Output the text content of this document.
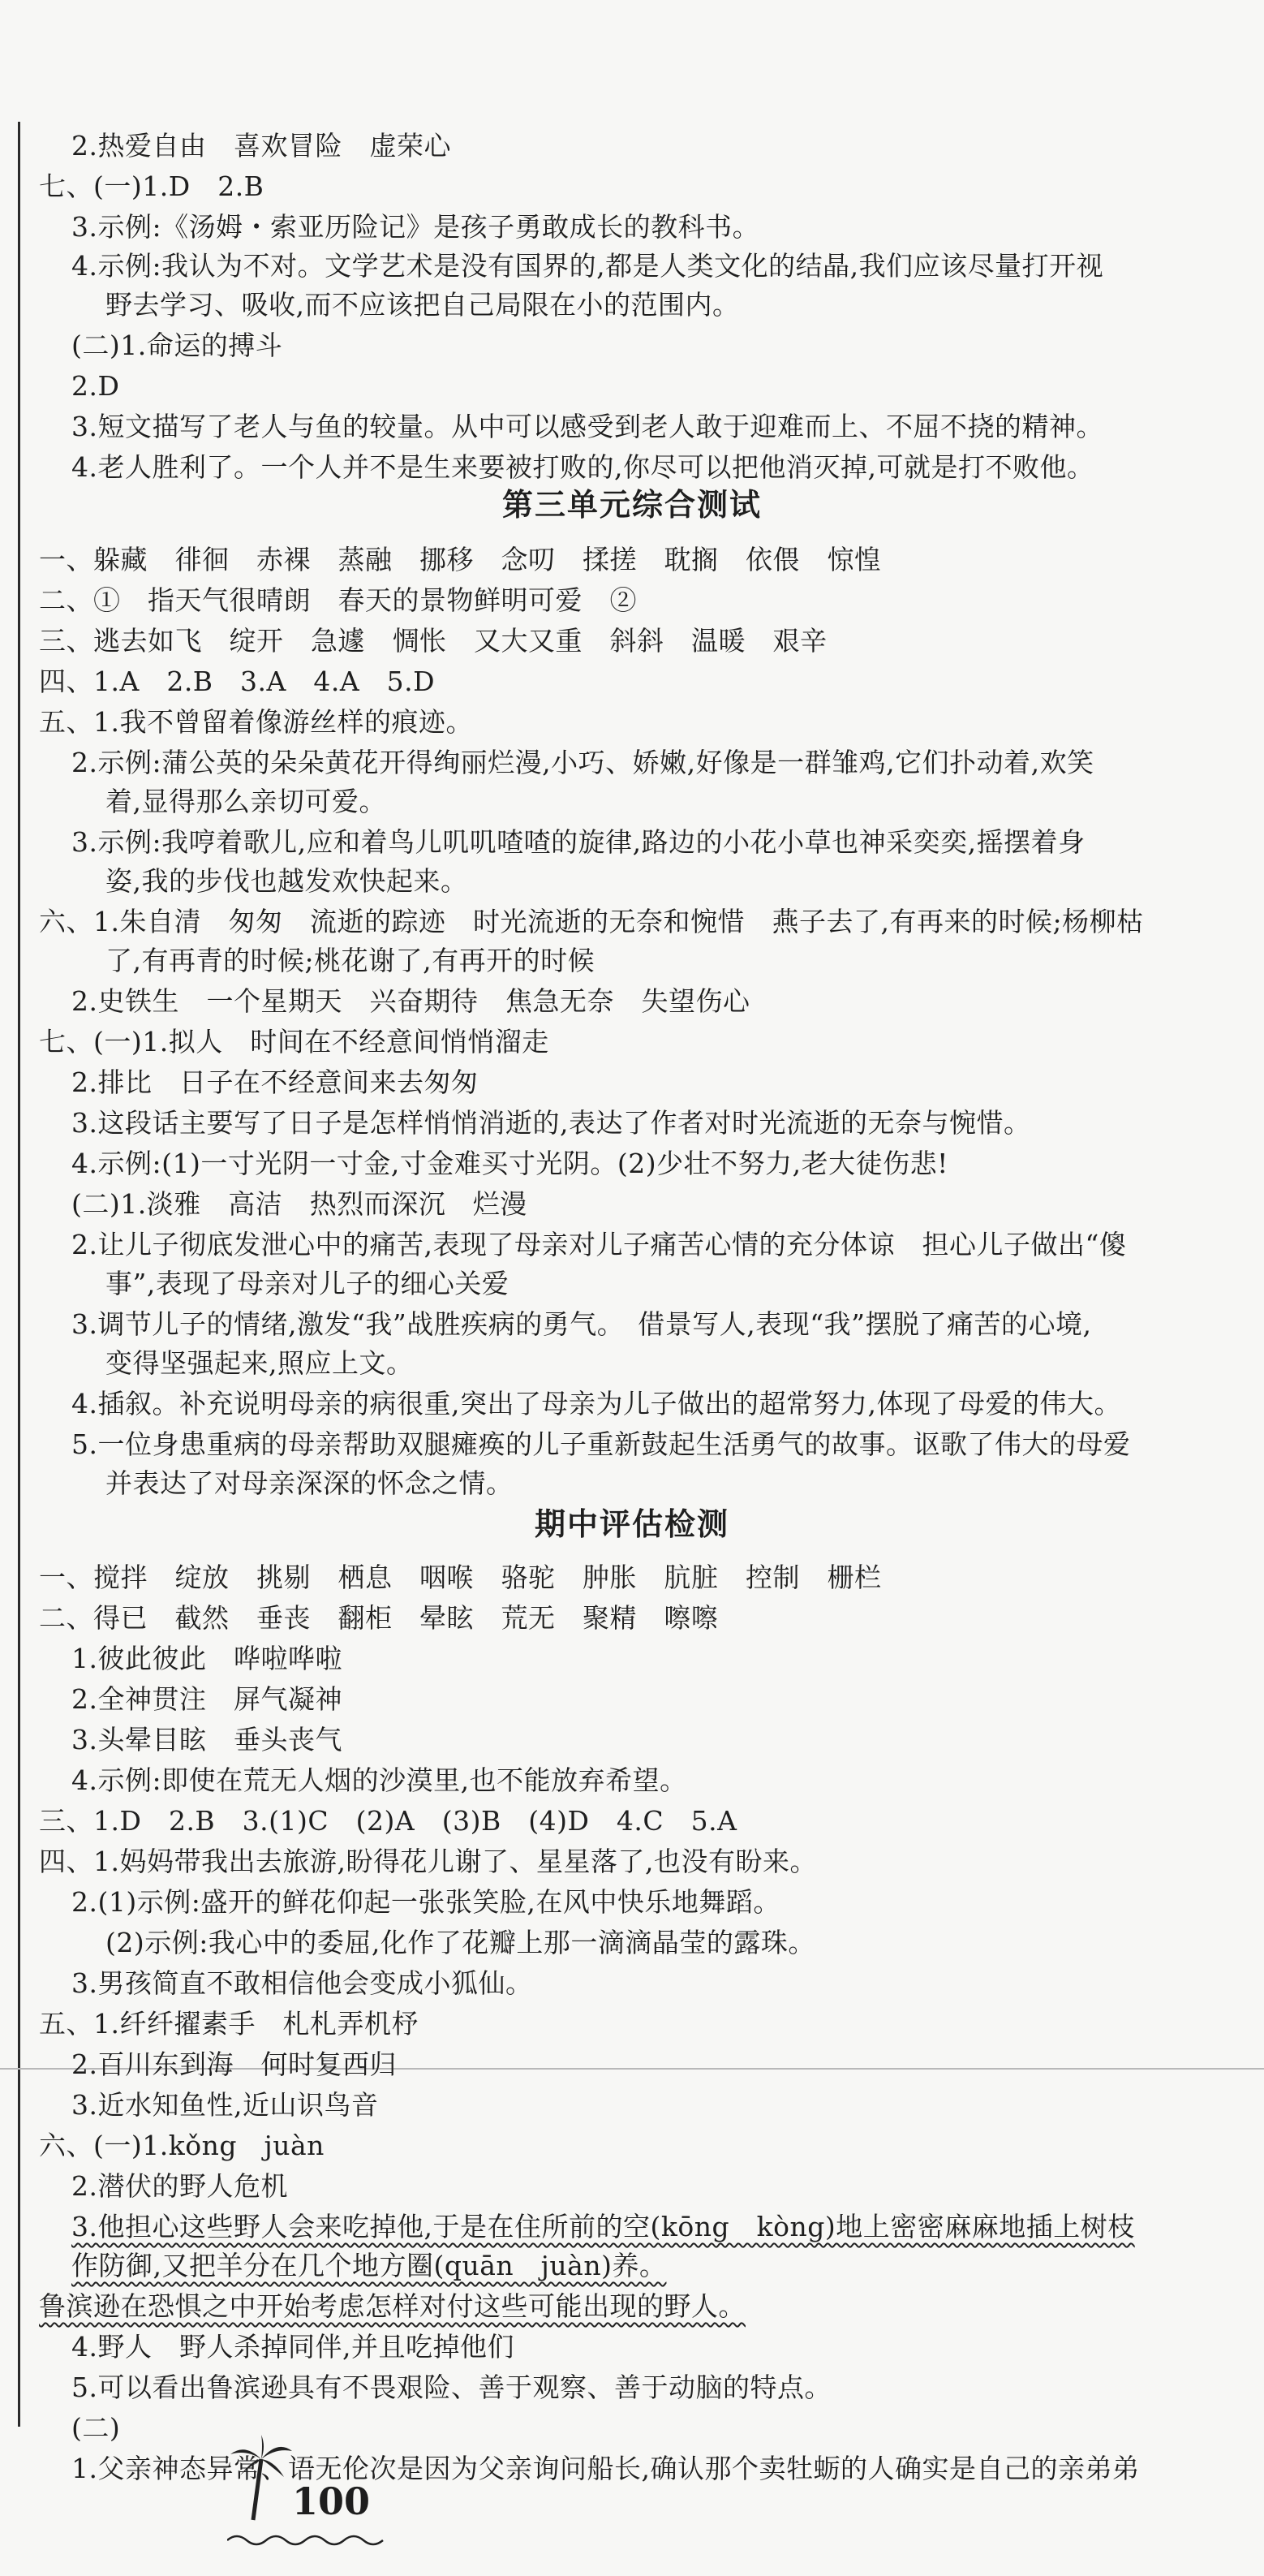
2.热爱自由　喜欢冒险　虚荣心
七、(一)1.D　2.B
3.示例:《汤姆・索亚历险记》是孩子勇敢成长的教科书。
4.示例:我认为不对。文学艺术是没有国界的,都是人类文化的结晶,我们应该尽量打开视
野去学习、吸收,而不应该把自己局限在小的范围内。
(二)1.命运的搏斗
2.D
3.短文描写了老人与鱼的较量。从中可以感受到老人敢于迎难而上、不屈不挠的精神。
4.老人胜利了。一个人并不是生来要被打败的,你尽可以把他消灭掉,可就是打不败他。
一、躲藏　徘徊　赤裸　蒸融　挪移　念叨　揉搓　耽搁　依偎　惊惶
二、①　指天气很晴朗　春天的景物鲜明可爱　②
三、逃去如飞　绽开　急遽　惆怅　又大又重　斜斜　温暖　艰辛
四、1.A　2.B　3.A　4.A　5.D
五、1.我不曾留着像游丝样的痕迹。
2.示例:蒲公英的朵朵黄花开得绚丽烂漫,小巧、娇嫩,好像是一群雏鸡,它们扑动着,欢笑
着,显得那么亲切可爱。
3.示例:我哼着歌儿,应和着鸟儿叽叽喳喳的旋律,路边的小花小草也神采奕奕,摇摆着身
姿,我的步伐也越发欢快起来。
六、1.朱自清　匆匆　流逝的踪迹　时光流逝的无奈和惋惜　燕子去了,有再来的时候;杨柳枯
了,有再青的时候;桃花谢了,有再开的时候
2.史铁生　一个星期天　兴奋期待　焦急无奈　失望伤心
七、(一)1.拟人　时间在不经意间悄悄溜走
2.排比　日子在不经意间来去匆匆
3.这段话主要写了日子是怎样悄悄消逝的,表达了作者对时光流逝的无奈与惋惜。
4.示例:(1)一寸光阴一寸金,寸金难买寸光阴。(2)少壮不努力,老大徒伤悲!
(二)1.淡雅　高洁　热烈而深沉　烂漫
2.让儿子彻底发泄心中的痛苦,表现了母亲对儿子痛苦心情的充分体谅　担心儿子做出“傻
事”,表现了母亲对儿子的细心关爱
3.调节儿子的情绪,激发“我”战胜疾病的勇气。　借景写人,表现“我”摆脱了痛苦的心境,
变得坚强起来,照应上文。
4.插叙。补充说明母亲的病很重,突出了母亲为儿子做出的超常努力,体现了母爱的伟大。
5.一位身患重病的母亲帮助双腿瘫痪的儿子重新鼓起生活勇气的故事。讴歌了伟大的母爱
并表达了对母亲深深的怀念之情。
一、搅拌　绽放　挑剔　栖息　咽喉　骆驼　肿胀　肮脏　控制　栅栏
二、得已　截然　垂丧　翻柜　晕眩　荒无　聚精　嚓嚓
1.彼此彼此　哗啦哗啦
2.全神贯注　屏气凝神
3.头晕目眩　垂头丧气
4.示例:即使在荒无人烟的沙漠里,也不能放弃希望。
三、1.D　2.B　3.(1)C　(2)A　(3)B　(4)D　4.C　5.A
四、1.妈妈带我出去旅游,盼得花儿谢了、星星落了,也没有盼来。
2.(1)示例:盛开的鲜花仰起一张张笑脸,在风中快乐地舞蹈。
(2)示例:我心中的委屈,化作了花瓣上那一滴滴晶莹的露珠。
3.男孩简直不敢相信他会变成小狐仙。
五、1.纤纤擢素手　札札弄机杼
2.百川东到海　何时复西归
3.近水知鱼性,近山识鸟音
六、(一)1.kǒng　juàn
2.潜伏的野人危机
3.他担心这些野人会来吃掉他,于是在住所前的空(kōng　kòng)地上密密麻麻地插上树枝
作防御,又把羊分在几个地方圈(quān　juàn)养。
鲁滨逊在恐惧之中开始考虑怎样对付这些可能出现的野人。
4.野人　野人杀掉同伴,并且吃掉他们
5.可以看出鲁滨逊具有不畏艰险、善于观察、善于动脑的特点。
(二)
1.父亲神态异常、语无伦次是因为父亲询问船长,确认那个卖牡蛎的人确实是自己的亲弟弟
第三单元综合测试
期中评估检测
100
